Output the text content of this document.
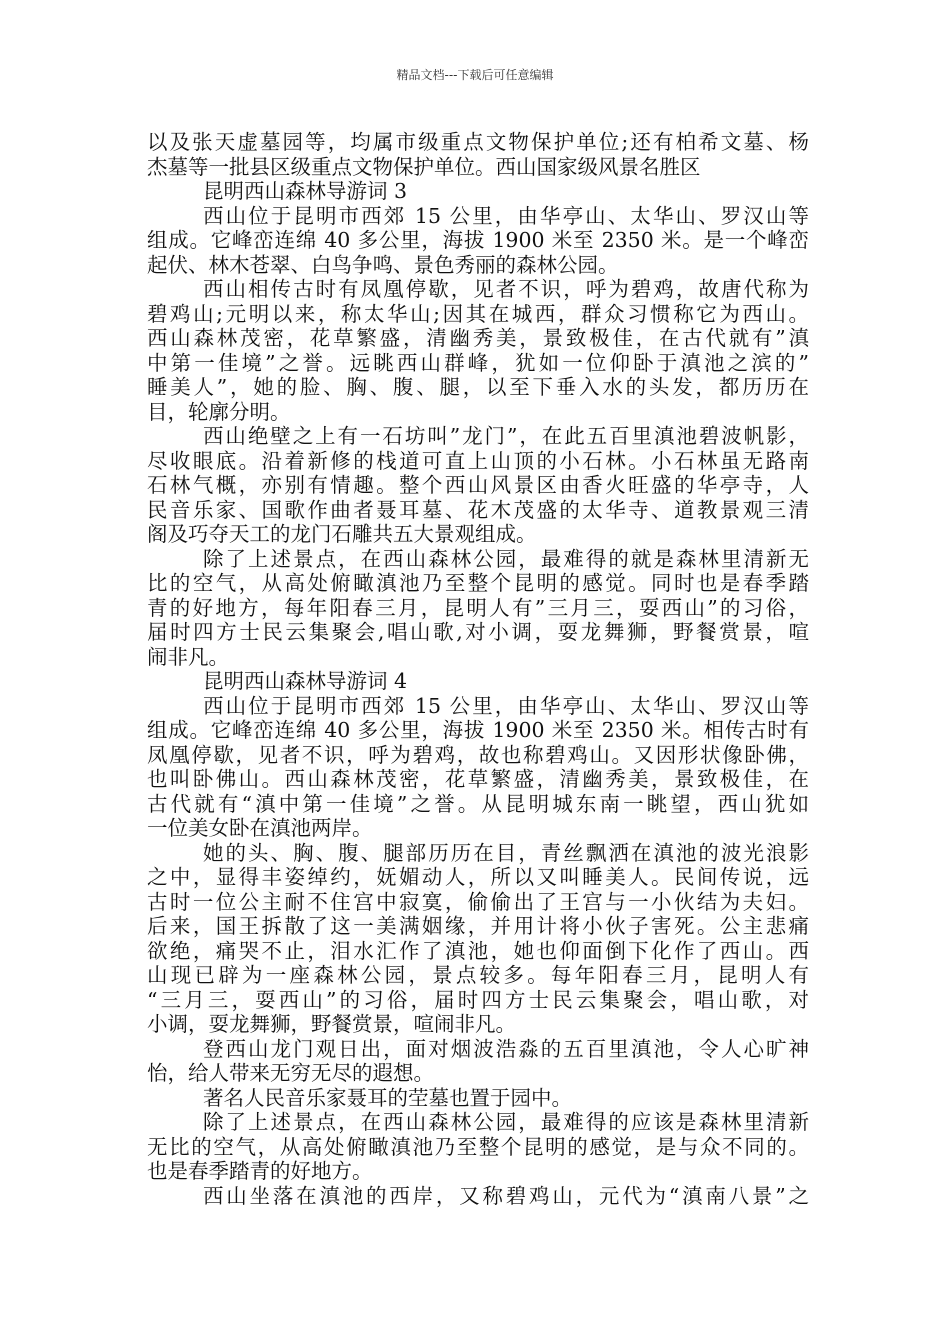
精品文档---下载后可任意编辑
以及张天虚墓园等，均属市级重点文物保护单位;还有柏希文墓、杨
杰墓等一批县区级重点文物保护单位。西山国家级风景名胜区
昆明西山森林导游词 3
西山位于昆明市西郊 15 公里，由华亭山、太华山、罗汉山等
组成。它峰峦连绵 40 多公里，海拔 1900 米至 2350 米。是一个峰峦
起伏、林木苍翠、白鸟争鸣、景色秀丽的森林公园。
西山相传古时有凤凰停歇，见者不识，呼为碧鸡，故唐代称为
碧鸡山;元明以来，称太华山;因其在城西，群众习惯称它为西山。
西山森林茂密，花草繁盛，清幽秀美，景致极佳，在古代就有”滇
中第一佳境”之誉。远眺西山群峰，犹如一位仰卧于滇池之滨的”
睡美人”，她的脸、胸、腹、腿，以至下垂入水的头发，都历历在
目，轮廓分明。
西山绝壁之上有一石坊叫”龙门”，在此五百里滇池碧波帆影，
尽收眼底。沿着新修的栈道可直上山顶的小石林。小石林虽无路南
石林气概，亦别有情趣。整个西山风景区由香火旺盛的华亭寺，人
民音乐家、国歌作曲者聂耳墓、花木茂盛的太华寺、道教景观三清
阁及巧夺天工的龙门石雕共五大景观组成。
除了上述景点，在西山森林公园，最难得的就是森林里清新无
比的空气，从高处俯瞰滇池乃至整个昆明的感觉。同时也是春季踏
青的好地方，每年阳春三月，昆明人有”三月三，耍西山”的习俗，
届时四方士民云集聚会,唱山歌,对小调，耍龙舞狮，野餐赏景，喧
闹非凡。
昆明西山森林导游词 4
西山位于昆明市西郊 15 公里，由华亭山、太华山、罗汉山等
组成。它峰峦连绵 40 多公里，海拔 1900 米至 2350 米。相传古时有
凤凰停歇，见者不识，呼为碧鸡，故也称碧鸡山。又因形状像卧佛，
也叫卧佛山。西山森林茂密，花草繁盛，清幽秀美，景致极佳，在
古代就有“滇中第一佳境”之誉。从昆明城东南一眺望，西山犹如
一位美女卧在滇池两岸。
她的头、胸、腹、腿部历历在目，青丝飘洒在滇池的波光浪影
之中，显得丰姿绰约，妩媚动人，所以又叫睡美人。民间传说，远
古时一位公主耐不住宫中寂寞，偷偷出了王宫与一小伙结为夫妇。
后来，国王拆散了这一美满姻缘，并用计将小伙子害死。公主悲痛
欲绝，痛哭不止，泪水汇作了滇池，她也仰面倒下化作了西山。西
山现已辟为一座森林公园，景点较多。每年阳春三月，昆明人有
“三月三，耍西山”的习俗，届时四方士民云集聚会，唱山歌，对
小调，耍龙舞狮，野餐赏景，喧闹非凡。
登西山龙门观日出，面对烟波浩淼的五百里滇池，令人心旷神
怡，给人带来无穷无尽的遐想。
著名人民音乐家聂耳的茔墓也置于园中。
除了上述景点，在西山森林公园，最难得的应该是森林里清新
无比的空气，从高处俯瞰滇池乃至整个昆明的感觉，是与众不同的。
也是春季踏青的好地方。
西山坐落在滇池的西岸，又称碧鸡山，元代为“滇南八景”之
